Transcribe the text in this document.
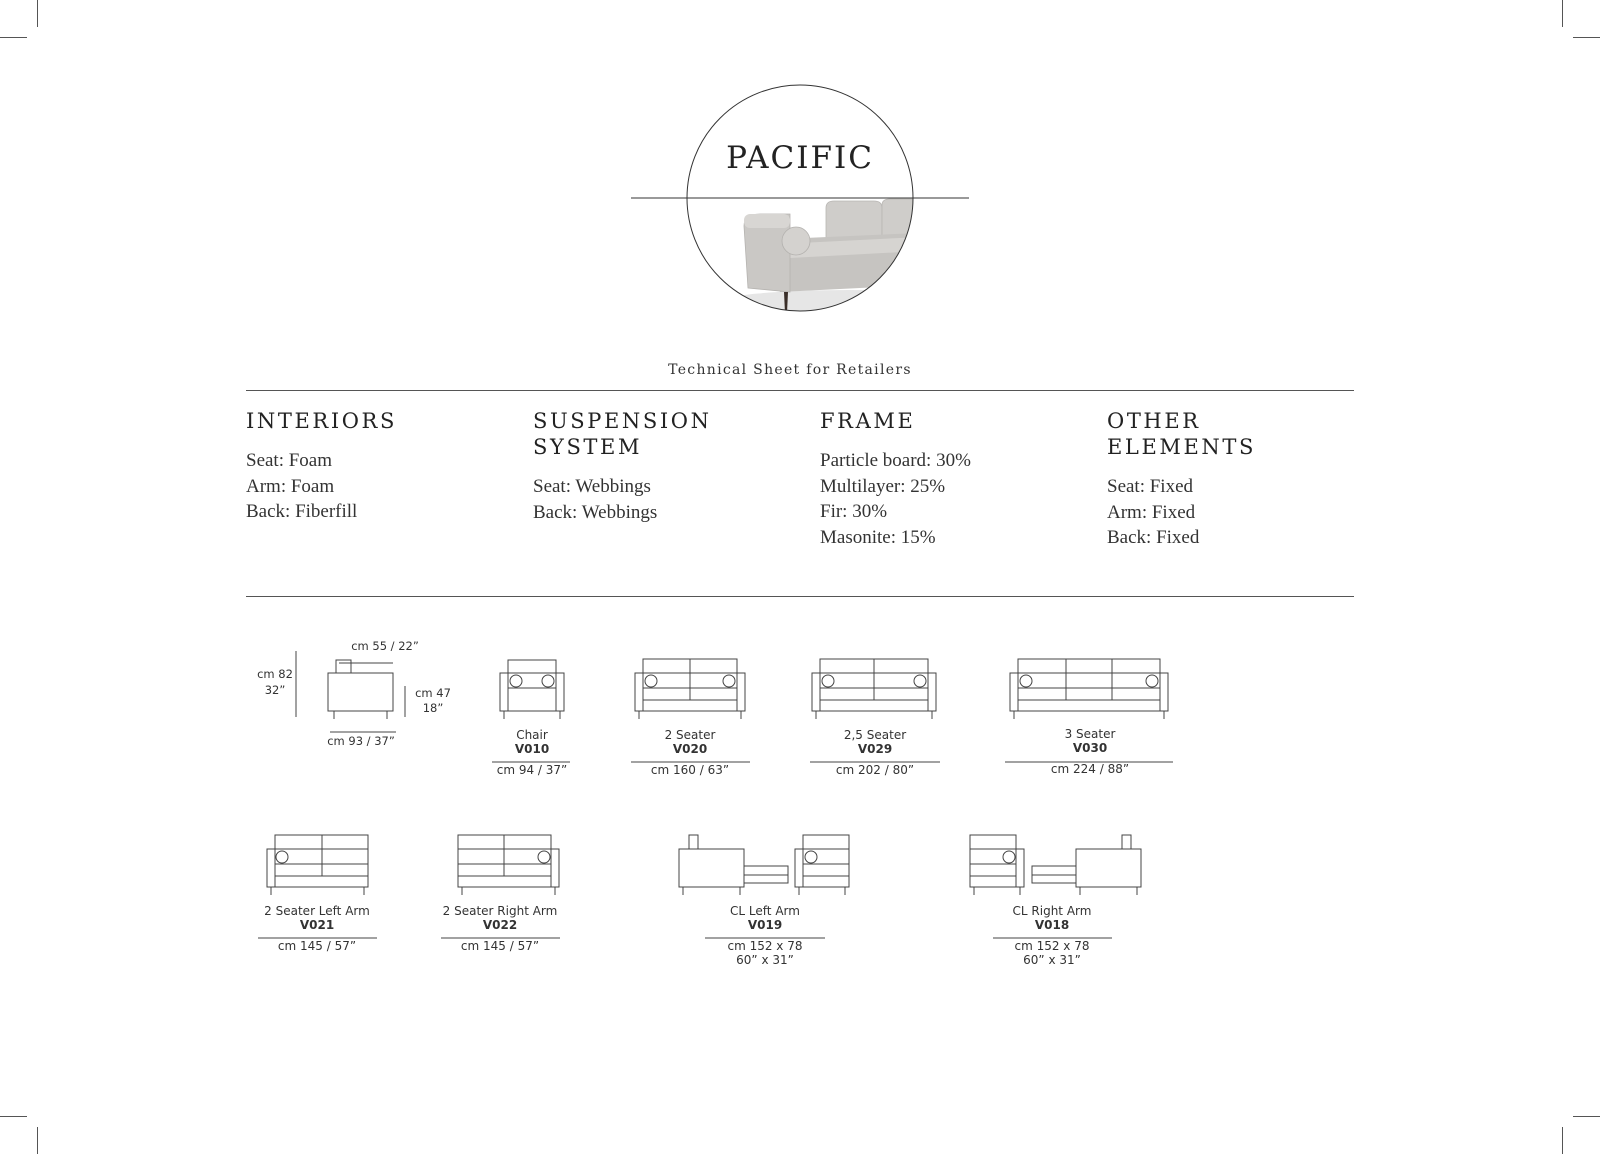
PACIFIC
Technical Sheet for Retailers
INTERIORS
Seat: Foam
Arm: Foam
Back: Fiberfill
SUSPENSION
SYSTEM
Seat: Webbings
Back: Webbings
FRAME
Particle board: 30%
Multilayer: 25%
Fir: 30%
Masonite: 15%
OTHER
ELEMENTS
Seat: Fixed
Arm: Fixed
Back: Fixed
cm 82
32”
cm 55 / 22”
cm 47
18”
cm 93 / 37”	Chair
V010
cm 94 / 37”
2 Seater
V020
cm 160 / 63”
2,5 Seater
V029
cm 202 / 80”
3 Seater
V030
cm 224 / 88”
2 Seater Left Arm
V021
cm 145 / 57”
2 Seater Right Arm
V022
cm 145 / 57”
CL Left Arm
V019
cm 152 x 78
60” x 31”
CL Right Arm
V018
cm 152 x 78
60” x 31”
